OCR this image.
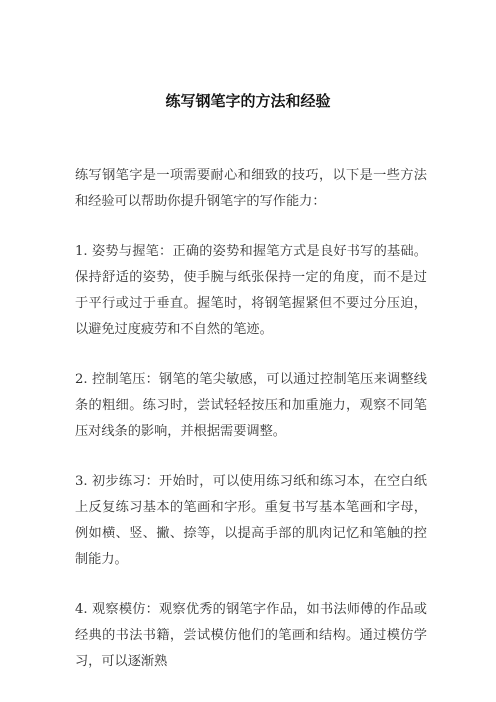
练写钢笔字的方法和经验

练写钢笔字是一项需要耐心和细致的技巧，以下是一些方法和经验可以帮助你提升钢笔字的写作能力：

1. 姿势与握笔：正确的姿势和握笔方式是良好书写的基础。保持舒适的姿势，使手腕与纸张保持一定的角度，而不是过于平行或过于垂直。握笔时，将钢笔握紧但不要过分压迫，以避免过度疲劳和不自然的笔迹。

2. 控制笔压：钢笔的笔尖敏感，可以通过控制笔压来调整线条的粗细。练习时，尝试轻轻按压和加重施力，观察不同笔压对线条的影响，并根据需要调整。

3. 初步练习：开始时，可以使用练习纸和练习本，在空白纸上反复练习基本的笔画和字形。重复书写基本笔画和字母，例如横、竖、撇、捺等，以提高手部的肌肉记忆和笔触的控制能力。

4. 观察模仿：观察优秀的钢笔字作品，如书法师傅的作品或经典的书法书籍，尝试模仿他们的笔画和结构。通过模仿学习，可以逐渐熟
